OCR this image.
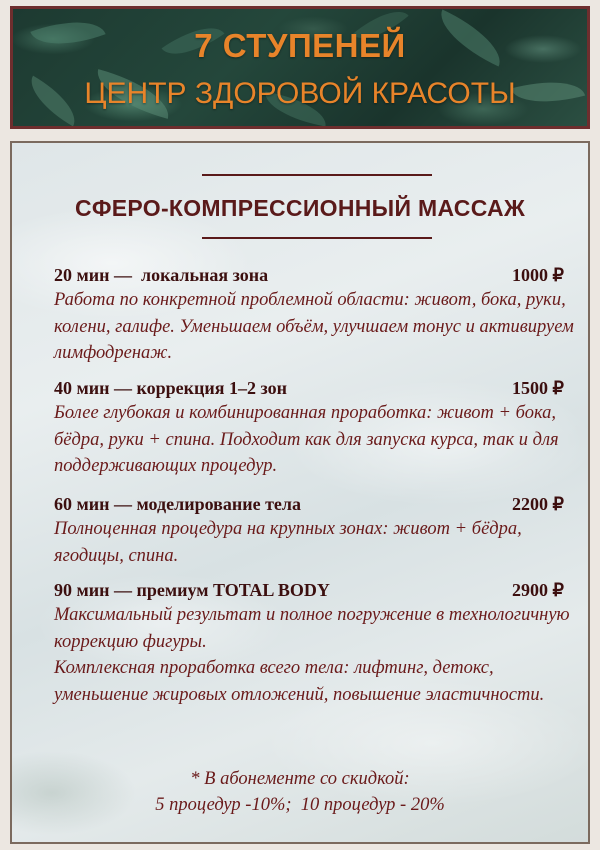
7 СТУПЕНЕЙ
ЦЕНТР ЗДОРОВОЙ КРАСОТЫ
СФЕРО-КОМПРЕССИОННЫЙ МАССАЖ
20 мин —  локальная зона	1000 ₽
Работа по конкретной проблемной области: живот, бока, руки, колени, галифе. Уменьшаем объём, улучшаем тонус и активируем лимфодренаж.
40 мин — коррекция 1–2 зон	1500 ₽
Более глубокая и комбинированная проработка: живот + бока, бёдра, руки + спина. Подходит как для запуска курса, так и для поддерживающих процедур.
60 мин — моделирование тела	2200 ₽
Полноценная процедура на крупных зонах: живот + бёдра, ягодицы, спина.
90 мин — премиум TOTAL BODY	2900 ₽
Максимальный результат и полное погружение в технологичную коррекцию фигуры.
Комплексная проработка всего тела: лифтинг, детокс, уменьшение жировых отложений, повышение эластичности.
* В абонементе со скидкой:
5 процедур -10%;  10 процедур - 20%
